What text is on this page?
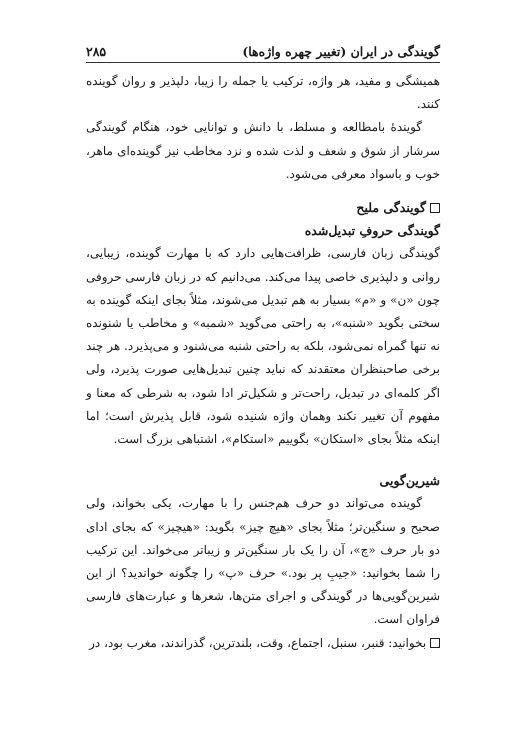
گویندگی در ایران (تغییر چهره واژه‌ها)
۲۸۵

همیشگی و مفید، هر واژه، ترکیب یا جمله را زیبا، دلپذیر و روان گوینده کنند.

گویندهٔ بامطالعه و مسلط، با دانش و توانایی خود، هنگام گویندگی سرشار از شوق و شعف و لذت شده و نزد مخاطب نیز گوینده‌ای ماهر، خوب و باسواد معرفی می‌شود.

گویندگی ملیح
گویندگی حروفِ تبدیل‌شده

گویندگی زبان فارسی، ظرافت‌هایی دارد که با مهارت گوینده، زیبایی، روانی و دلپذیری خاصی پیدا می‌کند. می‌دانیم که در زبان فارسی حروفی چون «ن» و «م» بسیار به هم تبدیل می‌شوند، مثلاً بجای اینکه گوینده به سختی بگوید «شنبه»، به راحتی می‌گوید «شمبه» و مخاطب یا شنونده نه تنها گمراه نمی‌شود، بلکه به راحتی شنبه می‌شنود و می‌پذیرد. هر چند برخی صاحبنظران معتقدند که نباید چنین تبدیل‌هایی صورت پذیرد، ولی اگر کلمه‌ای در تبدیل، راحت‌تر و شکیل‌تر ادا شود، به شرطی که معنا و مفهوم آن تغییر نکند وهمان واژه شنیده شود، قابل پذیرش است؛ اما اینکه مثلاً بجای «استکان» بگوییم «استکام»، اشتباهی بزرگ است.

شیرین‌گویی

گوینده می‌تواند دو حرف هم‌جنس را با مهارت، یکی بخواند، ولی صحیح و سنگین‌تر؛ مثلاً بجای «هیچ چیز» بگوید: «هیچیز» که بجای ادای دو بار حرف «چ»، آن را یک بار سنگین‌تر و زیباتر می‌خواند. این ترکیب را شما بخوانید: «جیبِ پر بود.» حرف «پ» را چگونه خواندید؟ از این شیرین‌گویی‌ها در گویندگی و اجرای متن‌ها، شعرها و عبارت‌های فارسی فراوان است.

بخوانید: قنبر، سنبل، اجتماع، وقت، بلندترین، گذراندند، مغرب بود، در
